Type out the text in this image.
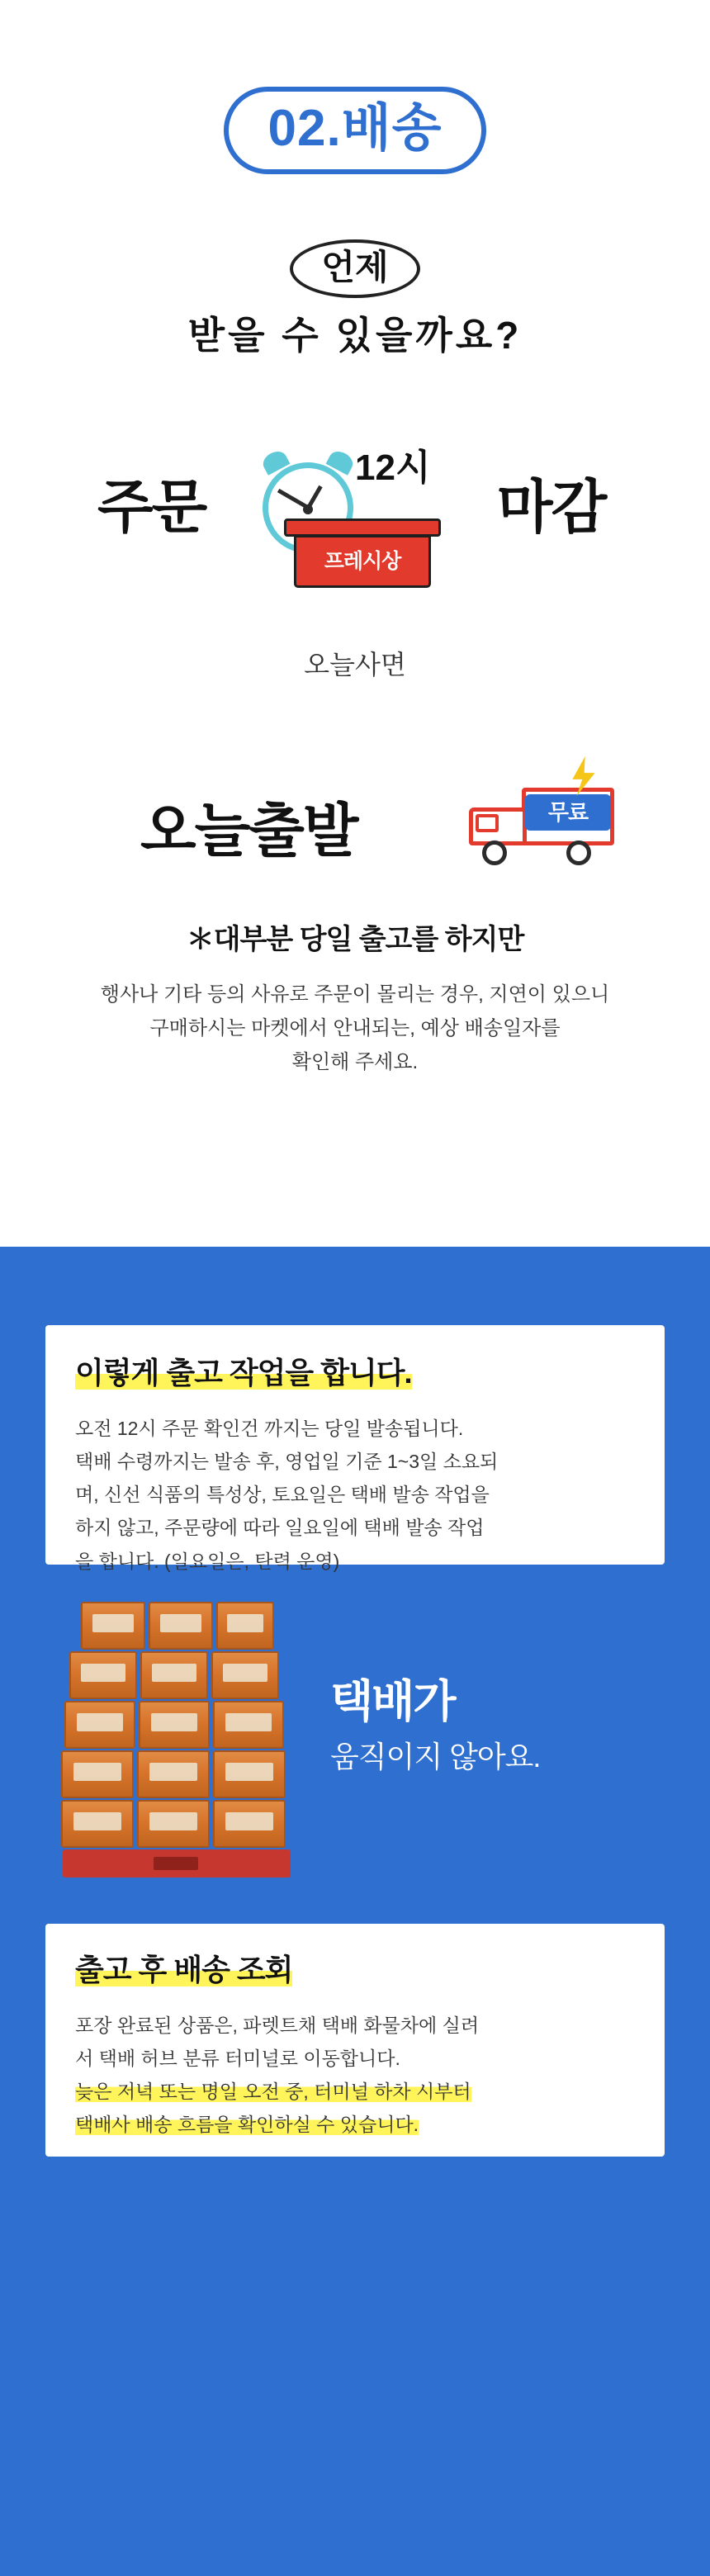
02.배송
언제
받을 수 있을까요?
주문
12시
마감
프레시상
오늘사면
오늘출발	무료
＊대부분 당일 출고를 하지만
행사나 기타 등의 사유로 주문이 몰리는 경우, 지연이 있으니
구매하시는 마켓에서 안내되는, 예상 배송일자를
확인해 주세요.
이렇게 출고 작업을 합니다.
오전 12시 주문 확인건 까지는 당일 발송됩니다.
택배 수령까지는 발송 후, 영업일 기준 1~3일 소요되
며, 신선 식품의 특성상, 토요일은 택배 발송 작업을
하지 않고, 주문량에 따라 일요일에 택배 발송 작업
을 합니다. (일요일은, 탄력 운영)
택배가
움직이지 않아요.
출고 후 배송 조회
포장 완료된 상품은, 파렛트채 택배 화물차에 실려
서 택배 허브 분류 터미널로 이동합니다.
늦은 저녁 또는 명일 오전 중, 터미널 하차 시부터
택배사 배송 흐름을 확인하실 수 있습니다.
